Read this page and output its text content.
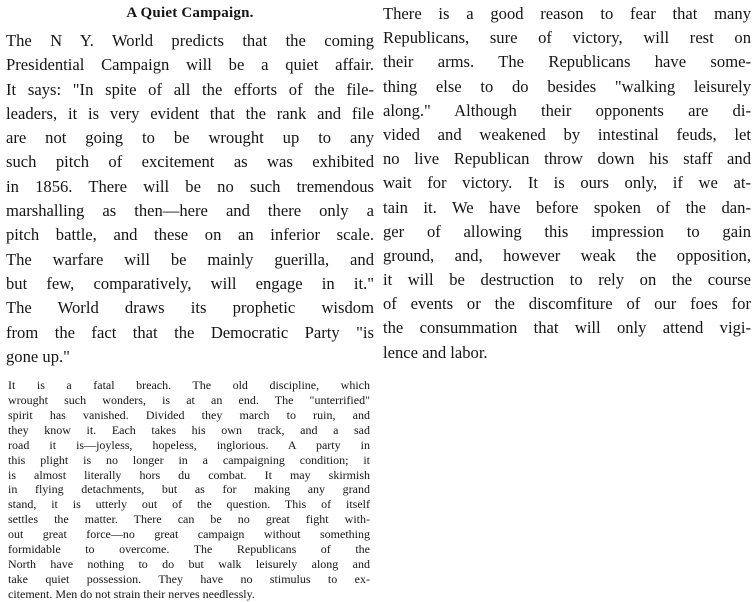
A Quiet Campaign.
The N Y. World predicts that the coming
Presidential Campaign will be a quiet affair.
It says: "In spite of all the efforts of the file-
leaders, it is very evident that the rank and file
are not going to be wrought up to any
such pitch of excitement as was exhibited
in 1856. There will be no such tremendous
marshalling as then—here and there only a
pitch battle, and these on an inferior scale.
The warfare will be mainly guerilla, and
but few, comparatively, will engage in it."
The World draws its prophetic wisdom
from the fact that the Democratic Party "is
gone up."
It is a fatal breach. The old discipline, which
wrought such wonders, is at an end. The "unterrified"
spirit has vanished. Divided they march to ruin, and
they know it. Each takes his own track, and a sad
road it is—joyless, hopeless, inglorious. A party in
this plight is no longer in a campaigning condition; it
is almost literally hors du combat. It may skirmish
in flying detachments, but as for making any grand
stand, it is utterly out of the question. This of itself
settles the matter. There can be no great fight with-
out great force—no great campaign without something
formidable to overcome. The Republicans of the
North have nothing to do but walk leisurely along and
take quiet possession. They have no stimulus to ex-
citement. Men do not strain their nerves needlessly.
There is a good reason to fear that many
Republicans, sure of victory, will rest on
their arms. The Republicans have some-
thing else to do besides "walking leisurely
along." Although their opponents are di-
vided and weakened by intestinal feuds, let
no live Republican throw down his staff and
wait for victory. It is ours only, if we at-
tain it. We have before spoken of the dan-
ger of allowing this impression to gain
ground, and, however weak the opposition,
it will be destruction to rely on the course
of events or the discomfiture of our foes for
the consummation that will only attend vigi-
lence and labor.
